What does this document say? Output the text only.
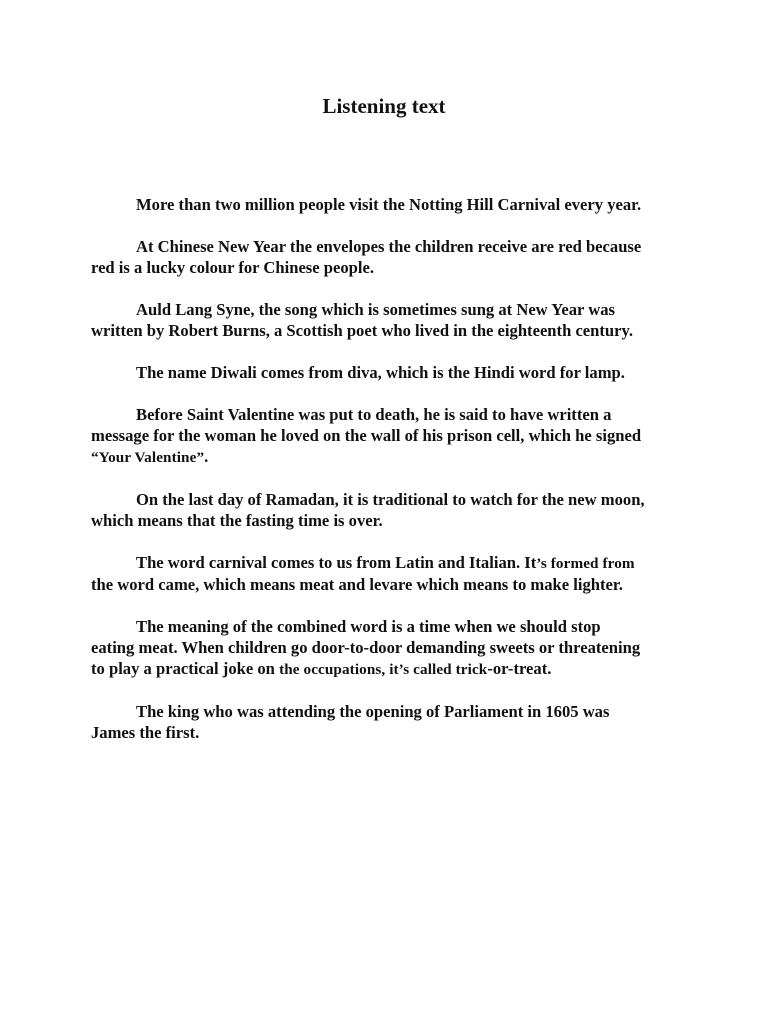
Listening text

More than two million people visit the Notting Hill Carnival every year.

At Chinese New Year the envelopes the children receive are red because
red is a lucky colour for Chinese people.

Auld Lang Syne, the song which is sometimes sung at New Year was
written by Robert Burns, a Scottish poet who lived in the eighteenth century.

The name Diwali comes from diva, which is the Hindi word for lamp.

Before Saint Valentine was put to death, he is said to have written a
message for the woman he loved on the wall of his prison cell, which he signed
“Your Valentine”.

On the last day of Ramadan, it is traditional to watch for the new moon,
which means that the fasting time is over.

The word carnival comes to us from Latin and Italian. It’s formed from
the word came, which means meat and levare which means to make lighter.

The meaning of the combined word is a time when we should stop
eating meat. When children go door-to-door demanding sweets or threatening
to play a practical joke on the occupations, it’s called trick-or-treat.

The king who was attending the opening of Parliament in 1605 was
James the first.
